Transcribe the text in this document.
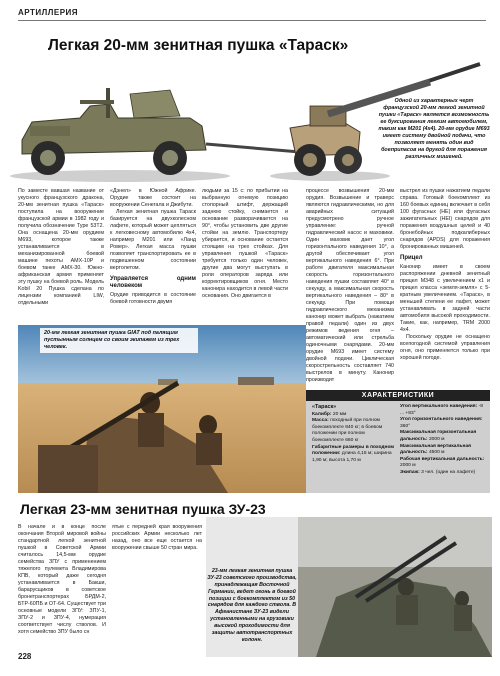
АРТИЛЛЕРИЯ
Легкая 20-мм зенитная пушка «Тараск»
Одной из характерных черт французской 20-мм легкой зенитной пушки «Тараск» является возможность ее буксирования легким автомобилем, таким как M201 (4x4). 20-мм орудие M693 имеет систему двойной подачи, что позволяет менять один вид боеприпасов на другой для поражения различных мишеней.

По заместе вавшая название от укусного французского дракона, 20-мм зенитная пушка «Тараск» поступила на вооружение французской армии в 1982 году и получила обозначение Type 53T2. Она оснащена 20-мм орудием M693, которое также устанавливается в механизированной боевой машине пехоты AMX-10P и боевом танке AMX-30. Южно-африканская армия применяет эту пушку на боевой роль. Модель Kobil 20 Пушка сделана по лицензии компанией LIW, отдельными

«Дэнел» в Южной Африке. Орудие также состоит на вооружении Сенегала и Джибути.

Легкая зенитная пушка Тараск базируется на двухколесном лафете, который может цепляться к легковесному автомобилю 4x4, например M201 или «Ланд Ровер». Легкая масса пушки позволяет транспортировать ее в подвешенном состоянии вертолетом.

Управляется одним человеком

Орудие приводится в состояние боевой готовности двумя

людьми за 15 с: по прибытии на выбранную огневую позицию стопорный штифт, держащий заднюю стойку, снимается и основание разворачивается на 90°, чтобы установить две другие стойки на землю. Транспортеру убирается, и основание остается стоящим на трех стойках. Для управления пушкой «Тараск» требуется только один человек, другие два могут выступать в роли операторов заряда или корректировщиков огня. Место канонира находится в левой части основания. Оно двигается в

процессе возвышения 20-мм орудия. Возвышение и траверс являются гидравлическими, но для аварийных ситуаций предусмотрено ручное управление: ручной гидравлический насос и маховики. Один маховик дает угол горизонтального наведения 10°, а другой обеспечивает угол вертикального наведения 6°. При работе двигателя максимальная скорость горизонтального наведения пушки составляет 40° в секунду, а максимальная скорость вертикального наведения – 80° в секунду. При помощи гидравлического механизма канонир может выбрать (нажатием правой педали) один из двух режимов ведения огня – автоматический или стрельба одиночными снарядами. 20-мм орудие M693 имеет систему двойной подачи. Циклическая скорострельность составляет 740 выстрелов в минуту. Канонир производит

выстрел из пушки нажатием педали справа. Готовый боекомплект из 160 боевых единиц включает в себя 100 фугасных (HE) или фугасных зажигательных (HEI) снарядов для поражения воздушных целей и 40 бронебойных подкалиберных снарядов (APDS) для поражения бронированных мишеней.

Прицел

Канонир имеет в своем распоряжении дневной зенитный прицел M348 с увеличением x1 и прицел класса «земля-земля» с 5-кратным увеличением. «Тараск», в меньшей степени ее лафет, может устанавливать в задней части автомобиля высокой проходимости. Такие, как, например, TRM 2000 4x4.

Поскольку орудие не оснащено всепогодной системой управления огня, оно применяется только при хорошей погоде.

20-мм легкая зенитная пушка GIAT под палящим пустынным солнцем со своим экипажем из трех человек.
ХАРАКТЕРИСТИКИ
«Тараск»
Калибр: 20 мм
Масса: походный при полном боекомплекте 840 кг; в боевом положении при полном боекомплекте 660 кг
Габаритные размеры в походном положении: длина 4,15 м; ширина 1,90 м; высота 1,70 м
Угол вертикального наведения: -8 ... +83°
Угол горизонтального наведения: 360°
Максимальная горизонтальная дальность: 2000 м
Максимальная вертикальная дальность: 4500 м
Рабочая вертикальная дальность: 2000 м
Экипаж: 3 чел. (один на лафете)
Легкая 23-мм зенитная пушка ЗУ-23

В начале и в конце после окончания Второй мировой войны стандартной легкой зенитной пушкой в Советской Армии считалось 14,5-мм орудие семейства ЗПУ с применением тяжелого пулемета Владимирова КПВ, который даже сегодня устанавливается в Бакши, барарусщиков в советское бронетранспортерах БРДМ-2, БТР-60ПБ и ОТ-64. Существует три основные модели ЗПУ: ЗПУ-1, ЗПУ-2 и ЗПУ-4, нумерация соответствует числу стволов. И хотя семейство ЗПУ было сн

ятые с передней края вооружения российских Армии несколько лет назад, оно все еще остается на вооружении свыше 50 стран мира.

23-мм легкая зенитная пушка ЗУ-23 советского производства, принадлежащая Восточной Германии, ведет огонь в боевой позиции с боекомплектом из 50 снарядов для каждого ствола. В Афганистане ЗУ-23 видели установленными на грузовики высокой проходимости для защиты автотранспортных колонн.
228
